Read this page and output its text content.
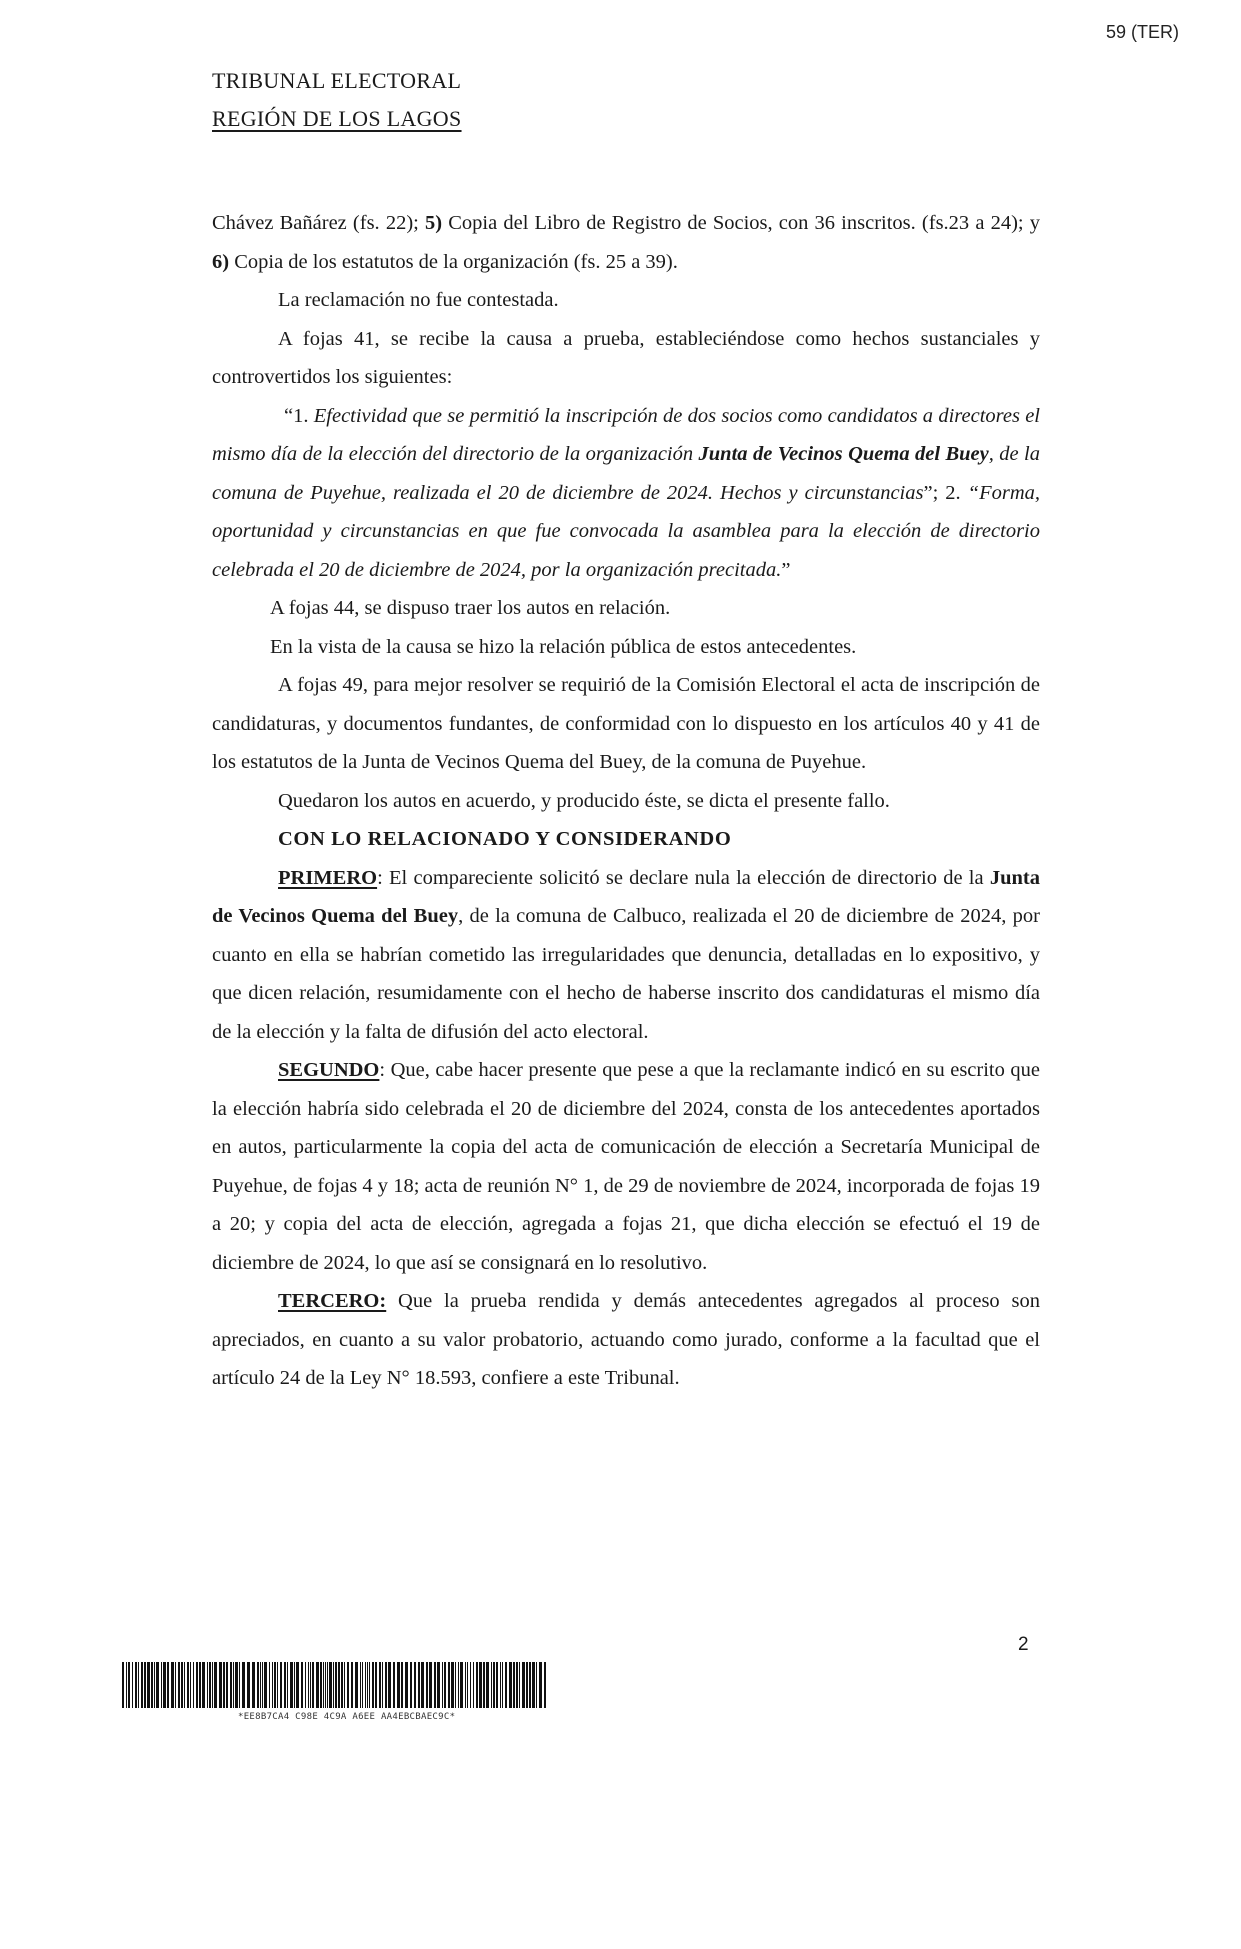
59 (TER)
TRIBUNAL ELECTORAL
REGIÓN DE LOS LAGOS

Chávez Bañárez (fs. 22); 5) Copia del Libro de Registro de Socios, con 36 inscritos. (fs.23 a 24); y 6) Copia de los estatutos de la organización (fs. 25 a 39).

La reclamación no fue contestada.

A fojas 41, se recibe la causa a prueba, estableciéndose como hechos sustanciales y controvertidos los siguientes:

“1. Efectividad que se permitió la inscripción de dos socios como candidatos a directores el mismo día de la elección del directorio de la organización Junta de Vecinos Quema del Buey, de la comuna de Puyehue, realizada el 20 de diciembre de 2024. Hechos y circunstancias”; 2. “Forma, oportunidad y circunstancias en que fue convocada la asamblea para la elección de directorio celebrada el 20 de diciembre de 2024, por la organización precitada.”

A fojas 44, se dispuso traer los autos en relación.

En la vista de la causa se hizo la relación pública de estos antecedentes.

A fojas 49, para mejor resolver se requirió de la Comisión Electoral el acta de inscripción de candidaturas, y documentos fundantes, de conformidad con lo dispuesto en los artículos 40 y 41 de los estatutos de la Junta de Vecinos Quema del Buey, de la comuna de Puyehue.

Quedaron los autos en acuerdo, y producido éste, se dicta el presente fallo.

CON LO RELACIONADO Y CONSIDERANDO

PRIMERO: El compareciente solicitó se declare nula la elección de directorio de la Junta de Vecinos Quema del Buey, de la comuna de Calbuco, realizada el 20 de diciembre de 2024, por cuanto en ella se habrían cometido las irregularidades que denuncia, detalladas en lo expositivo, y que dicen relación, resumidamente con el hecho de haberse inscrito dos candidaturas el mismo día de la elección y la falta de difusión del acto electoral.

SEGUNDO: Que, cabe hacer presente que pese a que la reclamante indicó en su escrito que la elección habría sido celebrada el 20 de diciembre del 2024, consta de los antecedentes aportados en autos, particularmente la copia del acta de comunicación de elección a Secretaría Municipal de Puyehue, de fojas 4 y 18; acta de reunión N° 1, de 29 de noviembre de 2024, incorporada de fojas 19 a 20; y copia del acta de elección, agregada a fojas 21, que dicha elección se efectuó el 19 de diciembre de 2024, lo que así se consignará en lo resolutivo.

TERCERO: Que la prueba rendida y demás antecedentes agregados al proceso son apreciados, en cuanto a su valor probatorio, actuando como jurado, conforme a la facultad que el artículo 24 de la Ley N° 18.593, confiere a este Tribunal.

2
*EE8B7CA4 C98E 4C9A A6EE AA4EBCBAEC9C*
